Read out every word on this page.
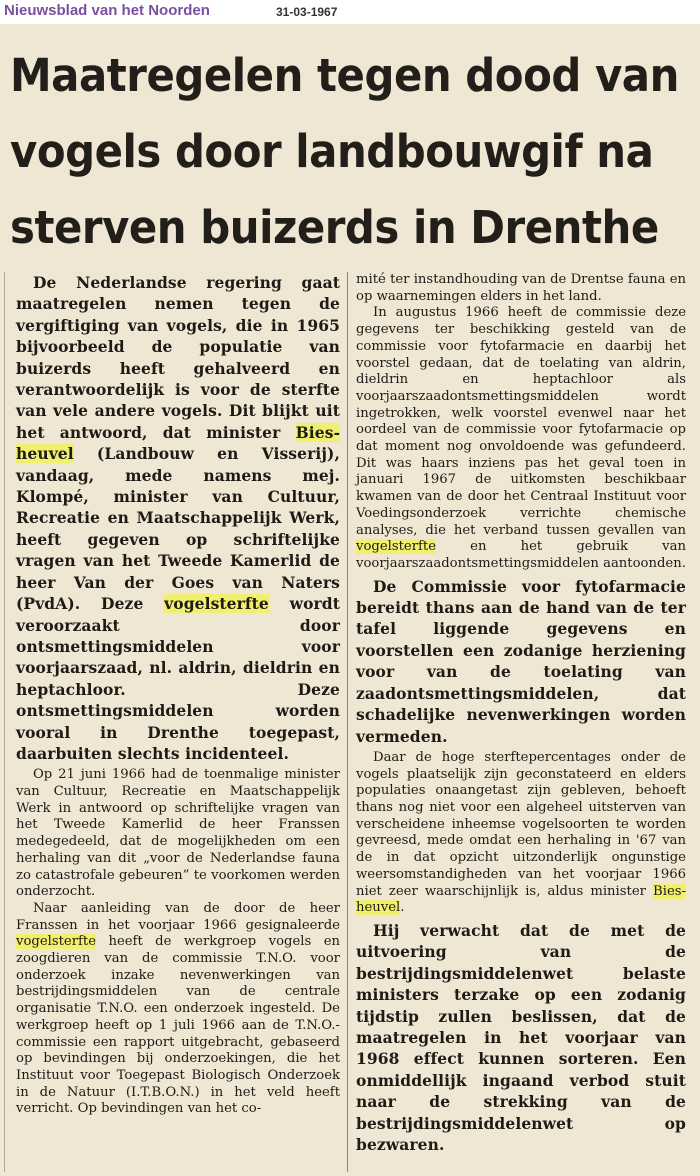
Nieuwsblad van het Noorden	31-03-1967
Maatregelen tegen dood van
vogels door landbouwgif na
sterven buizerds in Drenthe

De Nederlandse regering gaat maatregelen nemen tegen de vergiftiging van vogels, die in 1965 bijvoorbeeld de populatie van buizerds heeft gehalveerd en verantwoordelijk is voor de sterfte van vele andere vogels. Dit blijkt uit het antwoord, dat minister Biesheuvel (Landbouw en Visserij), vandaag, mede namens mej. Klompé, minister van Cultuur, Recreatie en Maatschappelijk Werk, heeft gegeven op schriftelijke vragen van het Tweede Kamerlid de heer Van der Goes van Naters (PvdA). Deze vogelsterfte wordt veroorzaakt door ontsmettingsmiddelen voor voorjaarszaad, nl. aldrin, dieldrin en heptachloor. Deze ontsmettingsmiddelen worden vooral in Drenthe toegepast, daarbuiten slechts incidenteel.

Op 21 juni 1966 had de toenmalige minister van Cultuur, Recreatie en Maatschappelijk Werk in antwoord op schriftelijke vragen van het Tweede Kamerlid de heer Franssen medegedeeld, dat de mogelijkheden om een herhaling van dit „voor de Nederlandse fauna zo catastrofale gebeuren” te voorkomen werden onderzocht.

Naar aanleiding van de door de heer Franssen in het voorjaar 1966 gesignaleerde vogelsterfte heeft de werkgroep vogels en zoogdieren van de commissie T.N.O. voor onderzoek inzake nevenwerkingen van bestrijdingsmiddelen van de centrale organisatie T.N.O. een onderzoek ingesteld. De werkgroep heeft op 1 juli 1966 aan de T.N.O.-commissie een rapport uitgebracht, gebaseerd op bevindingen bij onderzoekingen, die het Instituut voor Toegepast Biologisch Onderzoek in de Natuur (I.T.B.O.N.) in het veld heeft verricht. Op bevindingen van het co-

mité ter instandhouding van de Drentse fauna en op waarnemingen elders in het land.

In augustus 1966 heeft de commissie deze gegevens ter beschikking gesteld van de commissie voor fytofarmacie en daarbij het voorstel gedaan, dat de toelating van aldrin, dieldrin en heptachloor als voorjaarszaadontsmettingsmiddelen wordt ingetrokken, welk voorstel evenwel naar het oordeel van de commissie voor fytofarmacie op dat moment nog onvoldoende was gefundeerd. Dit was haars inziens pas het geval toen in januari 1967 de uitkomsten beschikbaar kwamen van de door het Centraal Instituut voor Voedingsonderzoek verrichte chemische analyses, die het verband tussen gevallen van vogelsterfte en het gebruik van voorjaarszaadontsmettingsmiddelen aantoonden.

De Commissie voor fytofarmacie bereidt thans aan de hand van de ter tafel liggende gegevens en voorstellen een zodanige herziening voor van de toelating van zaadontsmettingsmiddelen, dat schadelijke nevenwerkingen worden vermeden.

Daar de hoge sterftepercentages onder de vogels plaatselijk zijn geconstateerd en elders populaties onaangetast zijn gebleven, behoeft thans nog niet voor een algeheel uitsterven van verscheidene inheemse vogelsoorten te worden gevreesd, mede omdat een herhaling in '67 van de in dat opzicht uitzonderlijk ongunstige weersomstandigheden van het voorjaar 1966 niet zeer waarschijnlijk is, aldus minister Biesheuvel.

Hij verwacht dat de met de uitvoering van de bestrijdingsmiddelenwet belaste ministers terzake op een zodanig tijdstip zullen beslissen, dat de maatregelen in het voorjaar van 1968 effect kunnen sorteren. Een onmiddellijk ingaand verbod stuit naar de strekking van de bestrijdingsmiddelenwet op bezwaren.
